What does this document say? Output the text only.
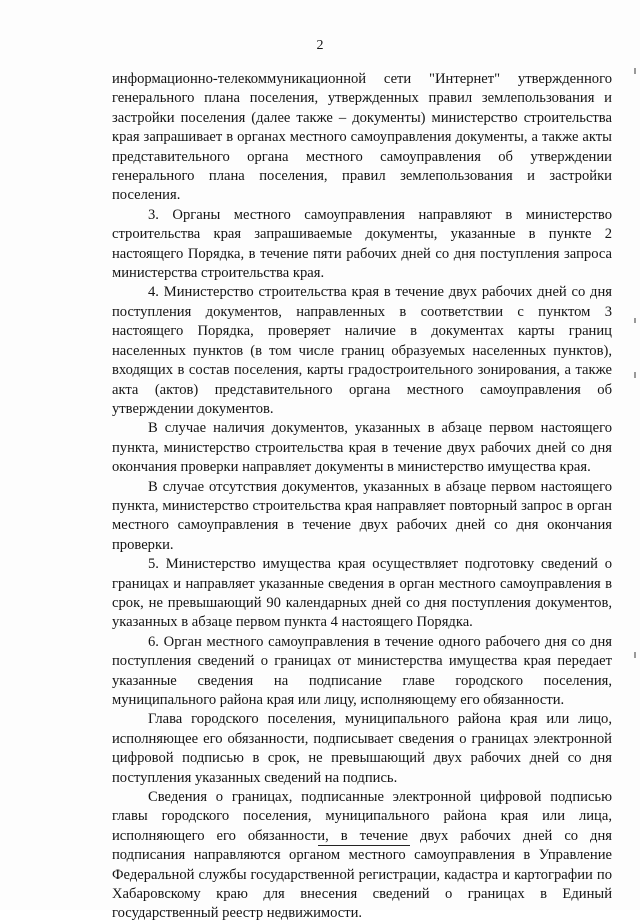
2

информационно-телекоммуникационной сети "Интернет" утвержденного генерального плана поселения, утвержденных правил землепользования и застройки поселения (далее также – документы) министерство строительства края запрашивает в органах местного самоуправления документы, а также акты представительного органа местного самоуправления об утверждении генерального плана поселения, правил землепользования и застройки поселения.

3. Органы местного самоуправления направляют в министерство строительства края запрашиваемые документы, указанные в пункте 2 настоящего Порядка, в течение пяти рабочих дней со дня поступления запроса министерства строительства края.

4. Министерство строительства края в течение двух рабочих дней со дня поступления документов, направленных в соответствии с пунктом 3 настоящего Порядка, проверяет наличие в документах карты границ населенных пунктов (в том числе границ образуемых населенных пунктов), входящих в состав поселения, карты градостроительного зонирования, а также акта (актов) представительного органа местного самоуправления об утверждении документов.

В случае наличия документов, указанных в абзаце первом настоящего пункта, министерство строительства края в течение двух рабочих дней со дня окончания проверки направляет документы в министерство имущества края.

В случае отсутствия документов, указанных в абзаце первом настоящего пункта, министерство строительства края направляет повторный запрос в орган местного самоуправления в течение двух рабочих дней со дня окончания проверки.

5. Министерство имущества края осуществляет подготовку сведений о границах и направляет указанные сведения в орган местного самоуправления в срок, не превышающий 90 календарных дней со дня поступления документов, указанных в абзаце первом пункта 4 настоящего Порядка.

6. Орган местного самоуправления в течение одного рабочего дня со дня поступления сведений о границах от министерства имущества края передает указанные сведения на подписание главе городского поселения, муниципального района края или лицу, исполняющему его обязанности.

Глава городского поселения, муниципального района края или лицо, исполняющее его обязанности, подписывает сведения о границах электронной цифровой подписью в срок, не превышающий двух рабочих дней со дня поступления указанных сведений на подпись.

Сведения о границах, подписанные электронной цифровой подписью главы городского поселения, муниципального района края или лица, исполняющего его обязанности, в течение двух рабочих дней со дня подписания направляются органом местного самоуправления в Управление Федеральной службы государственной регистрации, кадастра и картографии по Хабаровскому краю для внесения сведений о границах в Единый государственный реестр недвижимости.
